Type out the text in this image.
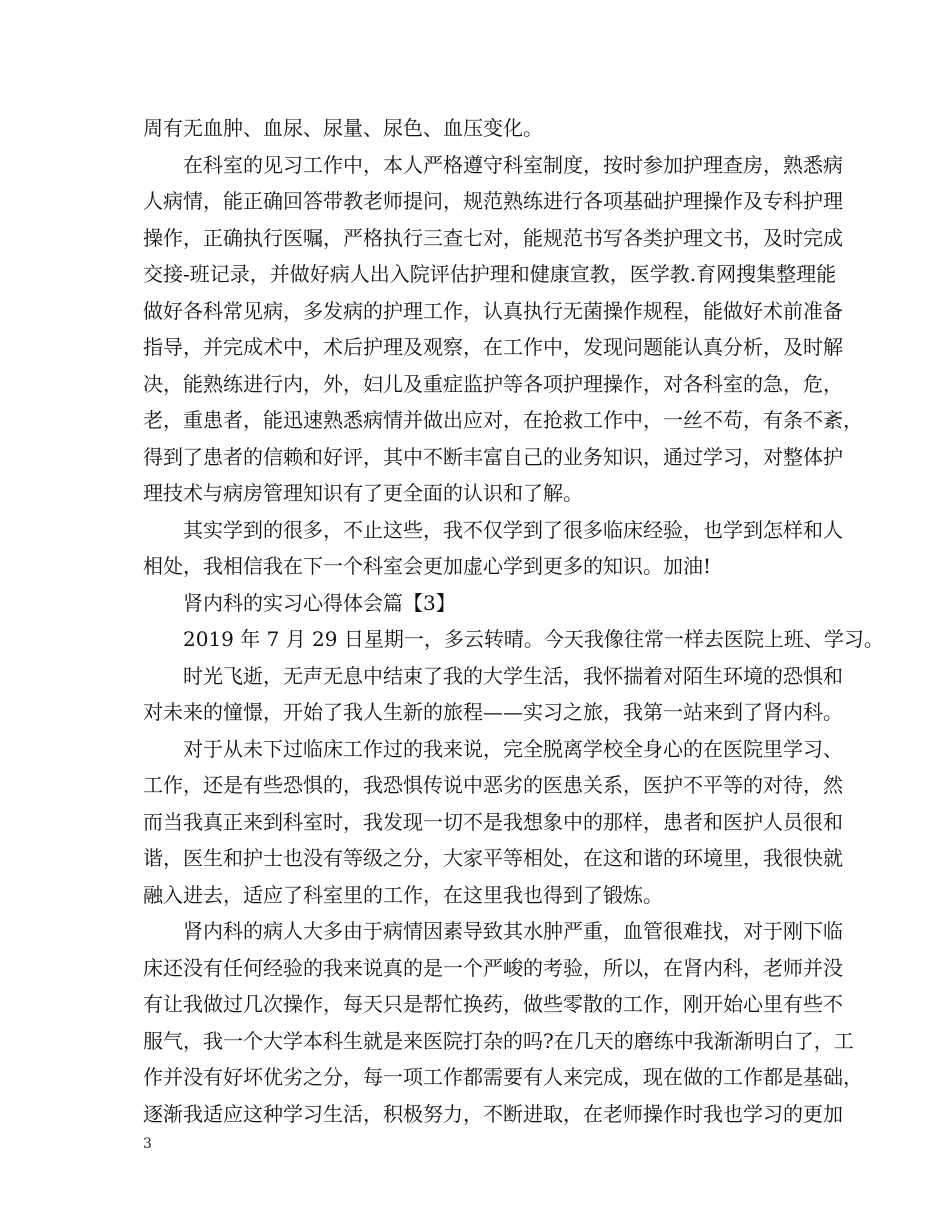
周有无血肿、血尿、尿量、尿色、血压变化。
在科室的见习工作中，本人严格遵守科室制度，按时参加护理查房，熟悉病
人病情，能正确回答带教老师提问，规范熟练进行各项基础护理操作及专科护理
操作，正确执行医嘱，严格执行三查七对，能规范书写各类护理文书，及时完成
交接-班记录，并做好病人出入院评估护理和健康宣教，医学教.育网搜集整理能
做好各科常见病，多发病的护理工作，认真执行无菌操作规程，能做好术前准备
指导，并完成术中，术后护理及观察，在工作中，发现问题能认真分析，及时解
决，能熟练进行内，外，妇儿及重症监护等各项护理操作，对各科室的急，危，
老，重患者，能迅速熟悉病情并做出应对，在抢救工作中，一丝不苟，有条不紊，
得到了患者的信赖和好评，其中不断丰富自己的业务知识，通过学习，对整体护
理技术与病房管理知识有了更全面的认识和了解。
其实学到的很多，不止这些，我不仅学到了很多临床经验，也学到怎样和人
相处，我相信我在下一个科室会更加虚心学到更多的知识。加油!
肾内科的实习心得体会篇【3】
2019 年 7 月 29 日星期一，多云转晴。今天我像往常一样去医院上班、学习。
时光飞逝，无声无息中结束了我的大学生活，我怀揣着对陌生环境的恐惧和
对未来的憧憬，开始了我人生新的旅程——实习之旅，我第一站来到了肾内科。
对于从未下过临床工作过的我来说，完全脱离学校全身心的在医院里学习、
工作，还是有些恐惧的，我恐惧传说中恶劣的医患关系，医护不平等的对待，然
而当我真正来到科室时，我发现一切不是我想象中的那样，患者和医护人员很和
谐，医生和护士也没有等级之分，大家平等相处，在这和谐的环境里，我很快就
融入进去，适应了科室里的工作，在这里我也得到了锻炼。
肾内科的病人大多由于病情因素导致其水肿严重，血管很难找，对于刚下临
床还没有任何经验的我来说真的是一个严峻的考验，所以，在肾内科，老师并没
有让我做过几次操作，每天只是帮忙换药，做些零散的工作，刚开始心里有些不
服气，我一个大学本科生就是来医院打杂的吗?在几天的磨练中我渐渐明白了，工
作并没有好坏优劣之分，每一项工作都需要有人来完成，现在做的工作都是基础，
逐渐我适应这种学习生活，积极努力，不断进取，在老师操作时我也学习的更加
3
